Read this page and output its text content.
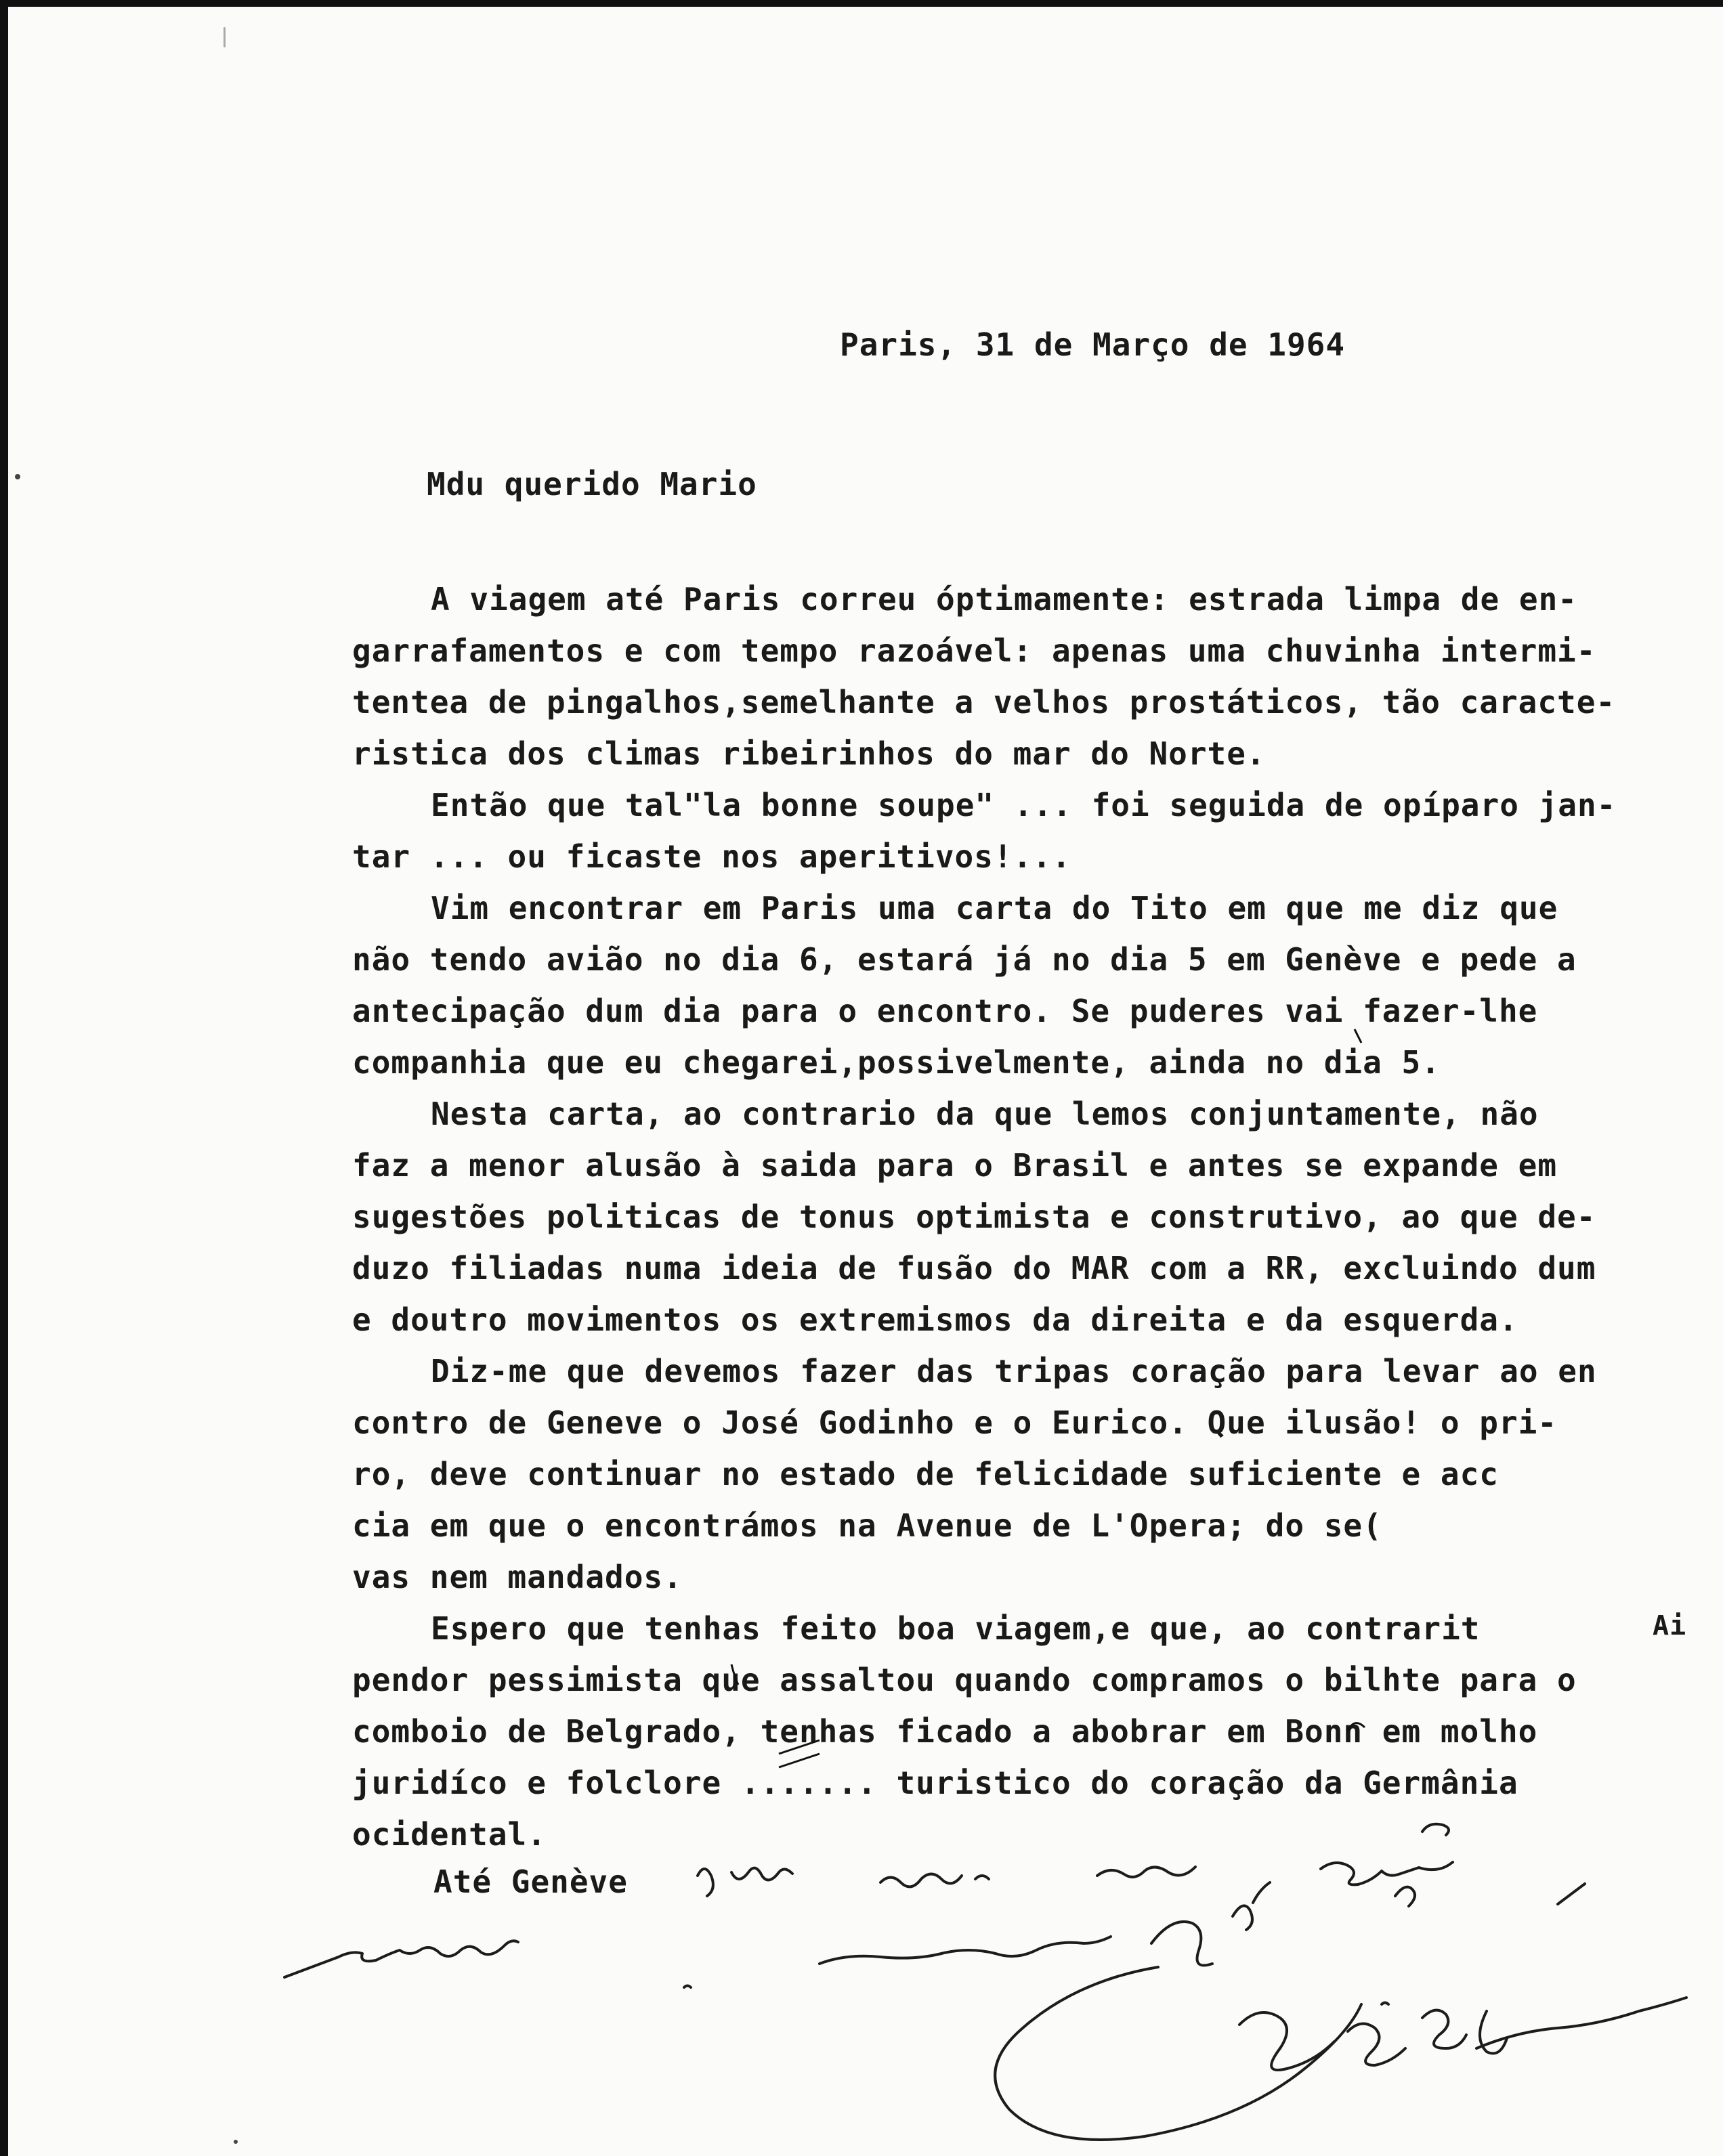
Paris, 31 de Março de 1964
Mdu querido Mario
A viagem até Paris correu óptimamente: estrada limpa de en-
garrafamentos e com tempo razoável: apenas uma chuvinha intermi-
tentea de pingalhos,semelhante a velhos prostáticos, tão caracte-
ristica dos climas ribeirinhos do mar do Norte.
Então que tal"la bonne soupe" ... foi seguida de opíparo jan-
tar ... ou ficaste nos aperitivos!...
Vim encontrar em Paris uma carta do Tito em que me diz que
não tendo avião no dia 6, estará já no dia 5 em Genève e pede a
antecipação dum dia para o encontro. Se puderes vai fazer-lhe
companhia que eu chegarei,possivelmente, ainda no dia 5.
Nesta carta, ao contrario da que lemos conjuntamente, não
faz a menor alusão à saida para o Brasil e antes se expande em
sugestões politicas de tonus optimista e construtivo, ao que de-
duzo filiadas numa ideia de fusão do MAR com a RR, excluindo dum
e doutro movimentos os extremismos da direita e da esquerda.
Diz-me que devemos fazer das tripas coração para levar ao en
contro de Geneve o José Godinho e o Eurico. Que ilusão! o pri-
ro, deve continuar no estado de felicidade suficiente e acc
cia em que o encontrámos na Avenue de L'Opera; do se(
vas nem mandados.
Espero que tenhas feito boa viagem,e que, ao contrarit
pendor pessimista que assaltou quando compramos o bilhte para o
comboio de Belgrado, tenhas ficado a abobrar em Bonn em molho
juridíco e folclore ....... turistico do coração da Germânia
ocidental.
Ai
Até Genève
